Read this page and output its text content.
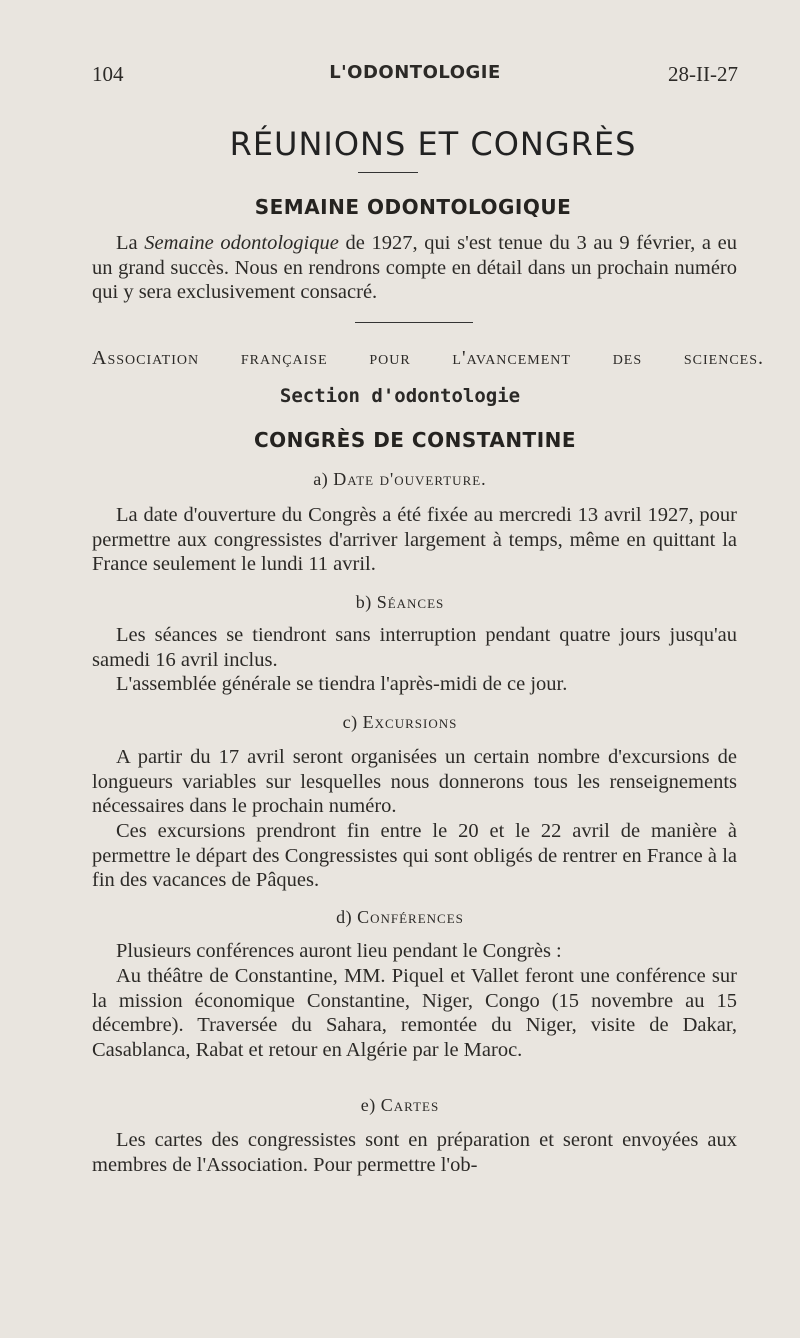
104	L'ODONTOLOGIE	28-II-27
RÉUNIONS ET CONGRÈS
SEMAINE ODONTOLOGIQUE

La Semaine odontologique de 1927, qui s'est tenue du 3 au 9 février, a eu un grand succès. Nous en rendrons compte en détail dans un prochain numéro qui y sera exclusivement consacré.

Association française pour l'avancement des sciences.
Section d'odontologie
CONGRÈS DE CONSTANTINE
a) Date d'ouverture.

La date d'ouverture du Congrès a été fixée au mercredi 13 avril 1927, pour permettre aux congressistes d'arriver largement à temps, même en quittant la France seulement le lundi 11 avril.

b) Séances

Les séances se tiendront sans interruption pendant quatre jours jusqu'au samedi 16 avril inclus.

L'assemblée générale se tiendra l'après-midi de ce jour.

c) Excursions

A partir du 17 avril seront organisées un certain nombre d'excursions de longueurs variables sur lesquelles nous donnerons tous les renseignements nécessaires dans le prochain numéro.

Ces excursions prendront fin entre le 20 et le 22 avril de manière à permettre le départ des Congressistes qui sont obligés de rentrer en France à la fin des vacances de Pâques.

d) Conférences

Plusieurs conférences auront lieu pendant le Congrès :

Au théâtre de Constantine, MM. Piquel et Vallet feront une conférence sur la mission économique Constantine, Niger, Congo (15 novembre au 15 décembre). Traversée du Sahara, remontée du Niger, visite de Dakar, Casablanca, Rabat et retour en Algérie par le Maroc.

e) Cartes

Les cartes des congressistes sont en préparation et seront envoyées aux membres de l'Association. Pour permettre l'ob-
